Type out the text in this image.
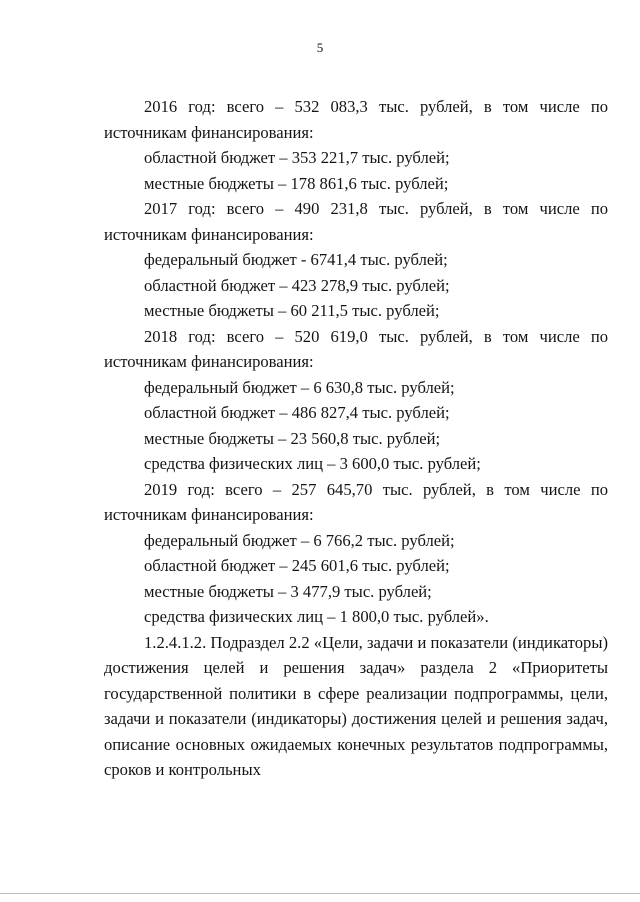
5

2016 год: всего – 532 083,3 тыс. рублей, в том числе по источникам финансирования:

областной бюджет – 353 221,7 тыс. рублей;

местные бюджеты – 178 861,6 тыс. рублей;

2017 год: всего – 490 231,8 тыс. рублей, в том числе по источникам финансирования:

федеральный бюджет - 6741,4 тыс. рублей;

областной бюджет – 423 278,9 тыс. рублей;

местные бюджеты – 60 211,5 тыс. рублей;

2018 год: всего – 520 619,0 тыс. рублей, в том числе по источникам финансирования:

федеральный бюджет – 6 630,8 тыс. рублей;

областной бюджет – 486 827,4 тыс. рублей;

местные бюджеты – 23 560,8 тыс. рублей;

средства физических лиц – 3 600,0 тыс. рублей;

2019 год: всего – 257 645,70 тыс. рублей, в том числе по источникам финансирования:

федеральный бюджет – 6 766,2 тыс. рублей;

областной бюджет – 245 601,6 тыс. рублей;

местные бюджеты – 3 477,9 тыс. рублей;

средства физических лиц – 1 800,0 тыс. рублей».

1.2.4.1.2. Подраздел 2.2 «Цели, задачи и показатели (индикаторы) достижения целей и решения задач» раздела 2 «Приоритеты государственной политики в сфере реализации подпрограммы, цели, задачи и показатели (индикаторы) достижения целей и решения задач, описание основных ожидаемых конечных результатов подпрограммы, сроков и контрольных
